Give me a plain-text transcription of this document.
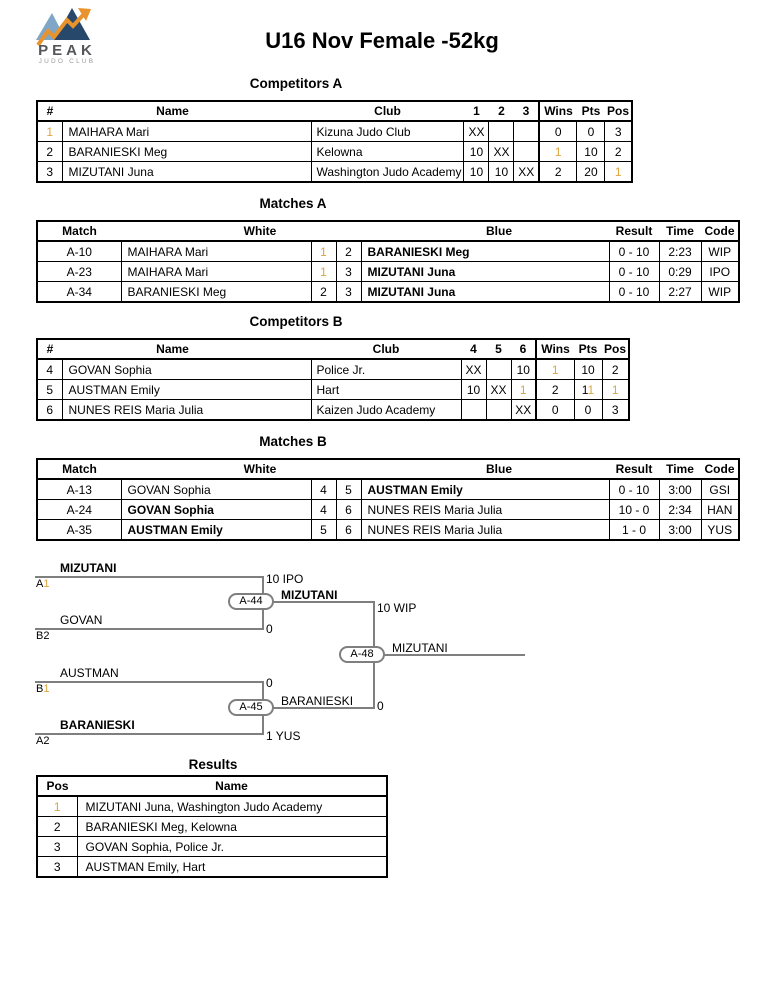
PEAK
JUDO CLUB
U16 Nov Female -52kg
Competitors A
Matches A
Competitors B
Matches B
Results
#	Name	Club	1	2	3	Wins	Pts	Pos
1	MAIHARA Mari	Kizuna Judo Club	XX			0	0	3
2	BARANIESKI Meg	Kelowna	10	XX		1	10	2
3	MIZUTANI Juna	Washington Judo Academy	10	10	XX	2	20	1
Match	White			Blue	Result	Time	Code
A-10	MAIHARA Mari	1	2	BARANIESKI Meg	0 - 10	2:23	WIP
A-23	MAIHARA Mari	1	3	MIZUTANI Juna	0 - 10	0:29	IPO
A-34	BARANIESKI Meg	2	3	MIZUTANI Juna	0 - 10	2:27	WIP
#	Name	Club	4	5	6	Wins	Pts	Pos
4	GOVAN Sophia	Police Jr.	XX		10	1	10	2
5	AUSTMAN Emily	Hart	10	XX	1	2	11	1
6	NUNES REIS Maria Julia	Kaizen Judo Academy			XX	0	0	3
Match	White			Blue	Result	Time	Code
A-13	GOVAN Sophia	4	5	AUSTMAN Emily	0 - 10	3:00	GSI
A-24	GOVAN Sophia	4	6	NUNES REIS Maria Julia	10 - 0	2:34	HAN
A-35	AUSTMAN Emily	5	6	NUNES REIS Maria Julia	1 - 0	3:00	YUS
Pos	Name
1	MIZUTANI Juna, Washington Judo Academy
2	BARANIESKI Meg, Kelowna
3	GOVAN Sophia, Police Jr.
3	AUSTMAN Emily, Hart
MIZUTANI
GOVAN
AUSTMAN
BARANIESKI
A1
B2
B1
A2
MIZUTANI
BARANIESKI
MIZUTANI
10 IPO
0
0
1 YUS
10 WIP
0
A-44
A-45
A-48
